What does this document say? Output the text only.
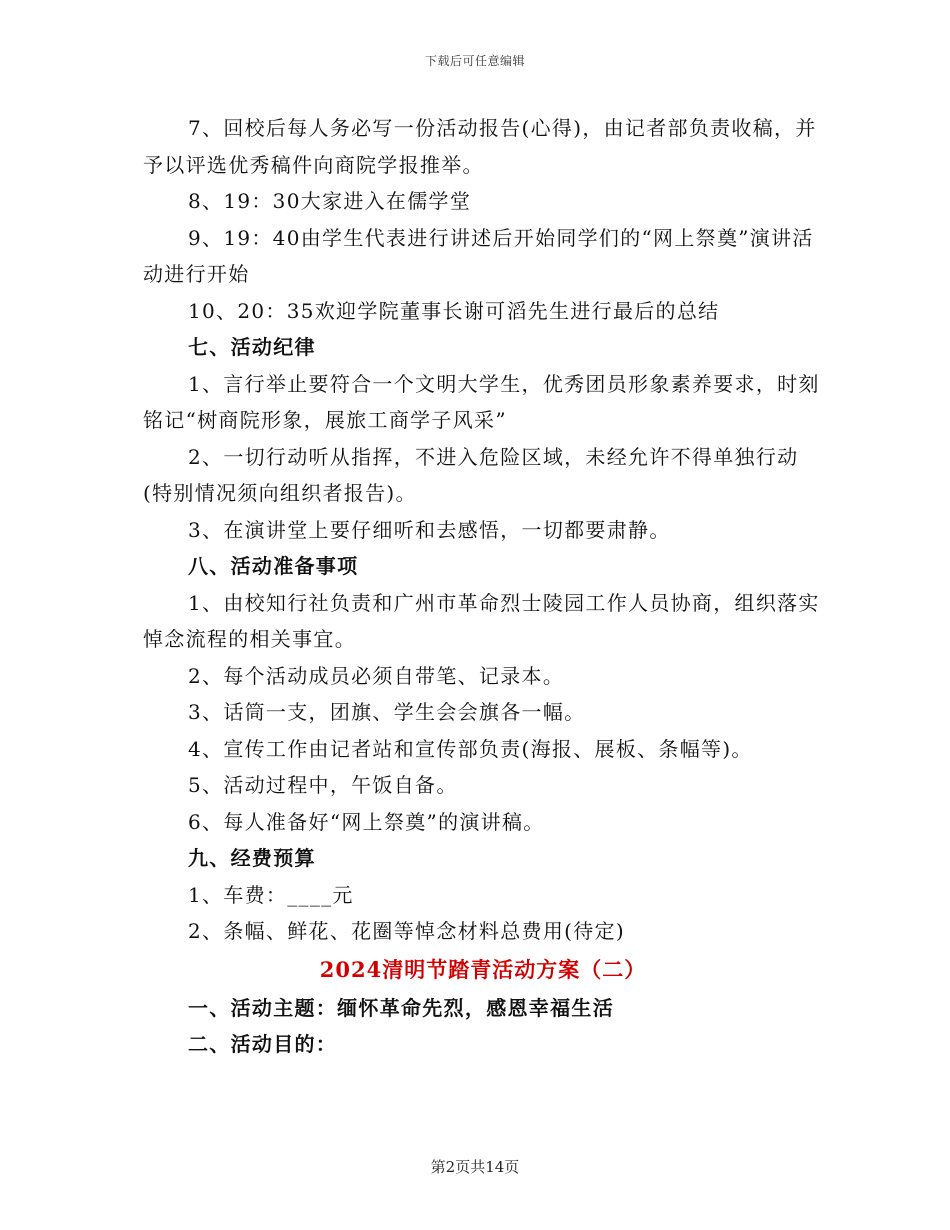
下载后可任意编辑

7、回校后每人务必写一份活动报告(心得)，由记者部负责收稿，并予以评选优秀稿件向商院学报推举。

8、19：30大家进入在儒学堂

9、19：40由学生代表进行讲述后开始同学们的“网上祭奠”演讲活动进行开始

10、20：35欢迎学院董事长谢可滔先生进行最后的总结

七、活动纪律

1、言行举止要符合一个文明大学生，优秀团员形象素养要求，时刻铭记“树商院形象，展旅工商学子风采”

2、一切行动听从指挥，不进入危险区域，未经允许不得单独行动(特别情况须向组织者报告)。

3、在演讲堂上要仔细听和去感悟，一切都要肃静。

八、活动准备事项

1、由校知行社负责和广州市革命烈士陵园工作人员协商，组织落实悼念流程的相关事宜。

2、每个活动成员必须自带笔、记录本。

3、话筒一支，团旗、学生会会旗各一幅。

4、宣传工作由记者站和宣传部负责(海报、展板、条幅等)。

5、活动过程中，午饭自备。

6、每人准备好“网上祭奠”的演讲稿。

九、经费预算

1、车费：____元

2、条幅、鲜花、花圈等悼念材料总费用(待定)

2024清明节踏青活动方案（二）

一、活动主题：缅怀革命先烈，感恩幸福生活

二、活动目的：

第2页共14页
